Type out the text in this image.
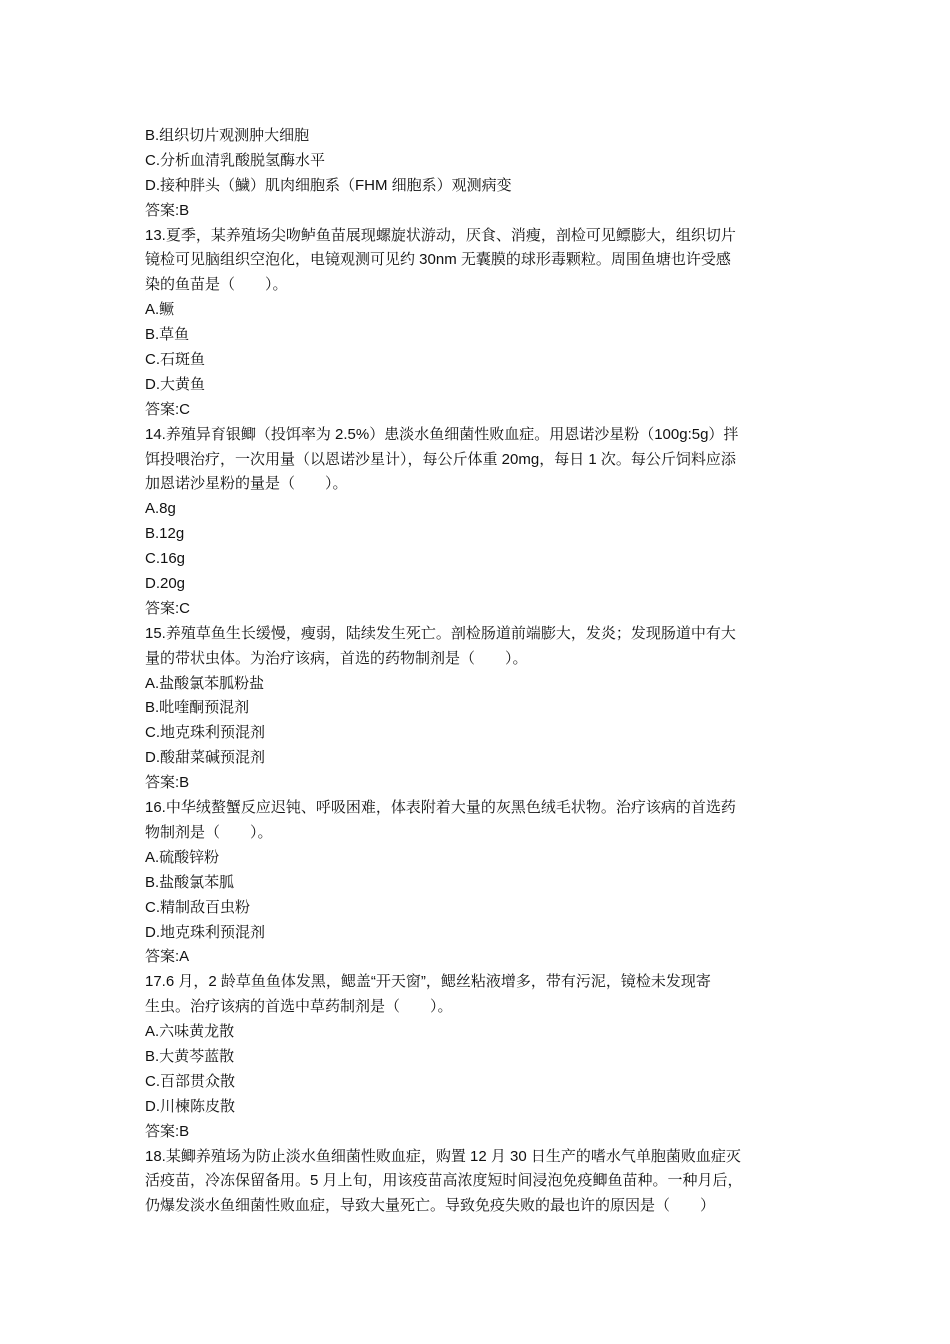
B.组织切片观测肿大细胞
C.分析血清乳酸脱氢酶水平
D.接种胖头（鱥）肌肉细胞系（FHM 细胞系）观测病变
答案:B
13.夏季，某养殖场尖吻鲈鱼苗展现螺旋状游动，厌食、消瘦，剖检可见鳔膨大，组织切片
镜检可见脑组织空泡化，电镜观测可见约 30nm 无囊膜的球形毒颗粒。周围鱼塘也许受感
染的鱼苗是（　　）。
A.鳜
B.草鱼
C.石斑鱼
D.大黄鱼
答案:C
14.养殖异育银鲫（投饵率为 2.5%）患淡水鱼细菌性败血症。用恩诺沙星粉（100g:5g）拌
饵投喂治疗，一次用量（以恩诺沙星计），每公斤体重 20mg，每日 1 次。每公斤饲料应添
加恩诺沙星粉的量是（　　）。
A.8g
B.12g
C.16g
D.20g
答案:C
15.养殖草鱼生长缓慢，瘦弱，陆续发生死亡。剖检肠道前端膨大，发炎；发现肠道中有大
量的带状虫体。为治疗该病，首选的药物制剂是（　　）。
A.盐酸氯苯胍粉盐
B.吡喹酮预混剂
C.地克珠利预混剂
D.酸甜菜碱预混剂
答案:B
16.中华绒螯蟹反应迟钝、呼吸困难，体表附着大量的灰黑色绒毛状物。治疗该病的首选药
物制剂是（　　）。
A.硫酸锌粉
B.盐酸氯苯胍
C.精制敌百虫粉
D.地克珠利预混剂
答案:A
17.6 月，2 龄草鱼鱼体发黑，鳃盖“开天窗”，鳃丝粘液增多，带有污泥，镜检未发现寄
生虫。治疗该病的首选中草药制剂是（　　）。
A.六味黄龙散
B.大黄芩蓝散
C.百部贯众散
D.川楝陈皮散
答案:B
18.某鲫养殖场为防止淡水鱼细菌性败血症，购置 12 月 30 日生产的嗜水气单胞菌败血症灭
活疫苗，冷冻保留备用。5 月上旬，用该疫苗高浓度短时间浸泡免疫鲫鱼苗种。一种月后，
仍爆发淡水鱼细菌性败血症，导致大量死亡。导致免疫失败的最也许的原因是（　　）
